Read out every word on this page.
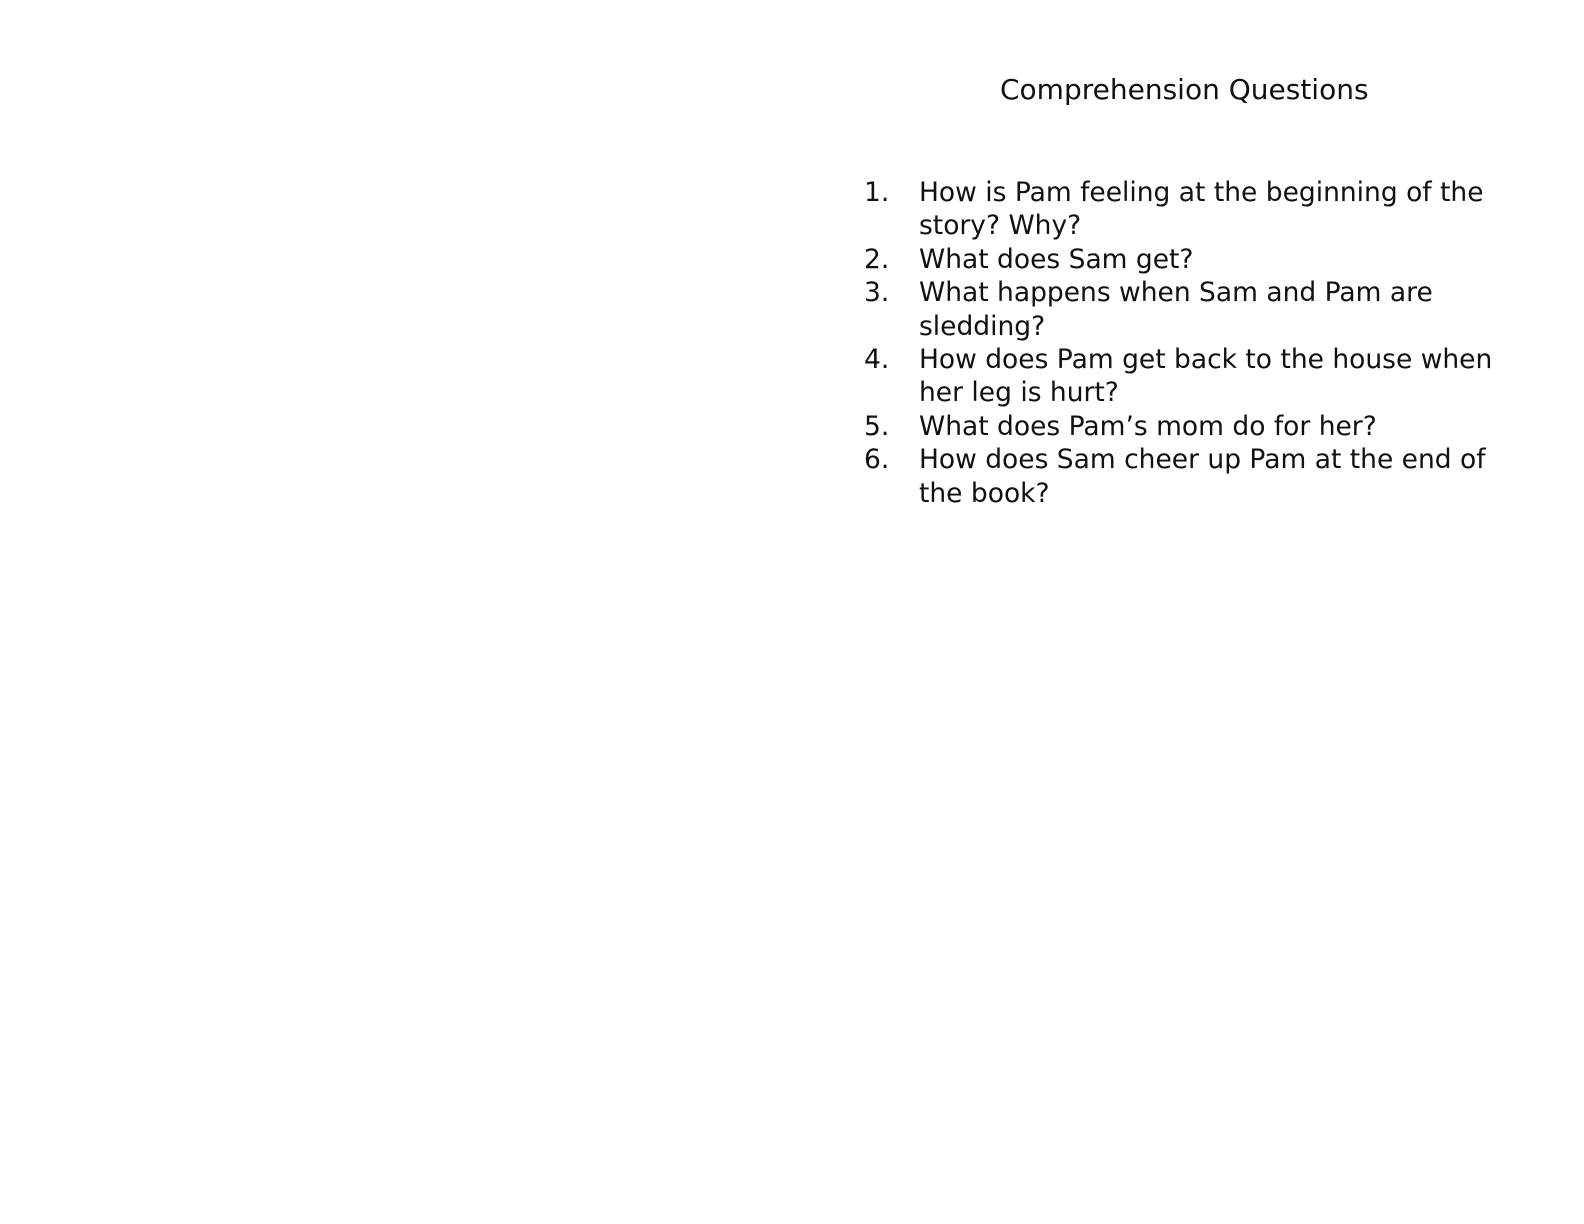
Comprehension Questions
1.	How is Pam feeling at the beginning of the story? Why?
2.	What does Sam get?
3.	What happens when Sam and Pam are sledding?
4.	How does Pam get back to the house when her leg is hurt?
5.	What does Pam’s mom do for her?
6.	How does Sam cheer up Pam at the end of the book?
